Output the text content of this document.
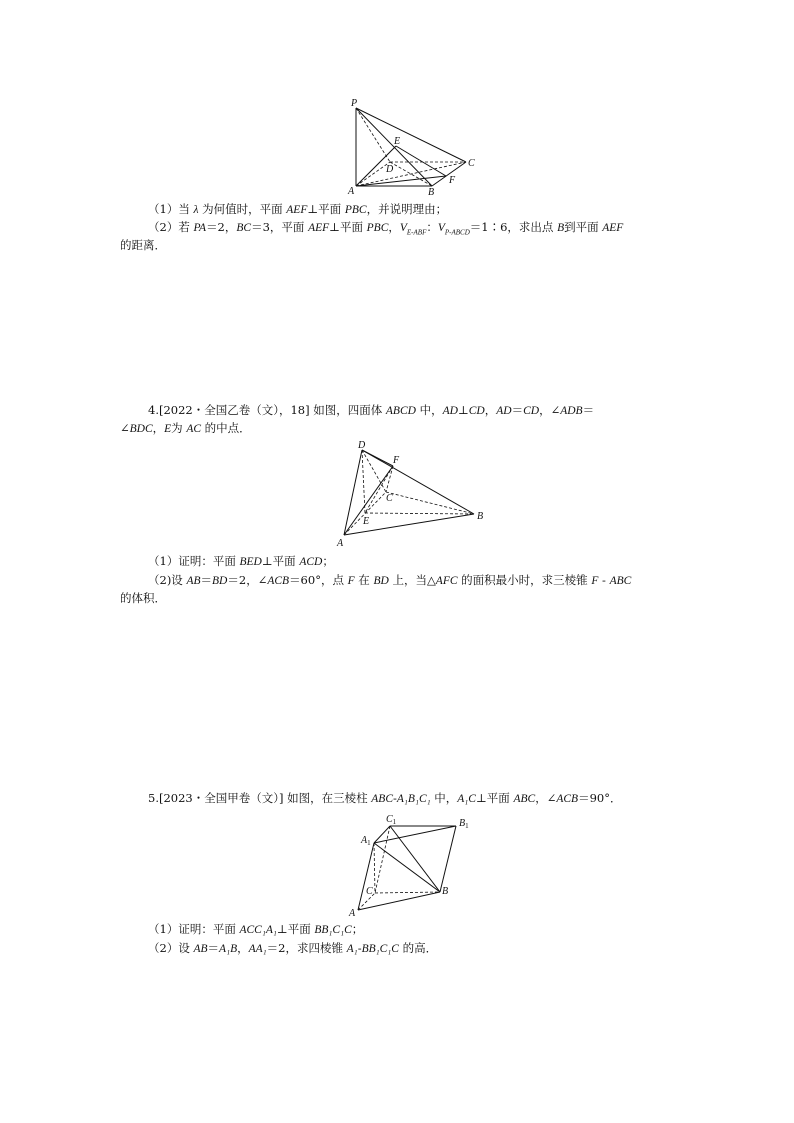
P
E
D
C
A	B
F
（1）当 λ 为何值时，平面 AEF⊥平面 PBC，并说明理由；
（2）若 PA＝2，BC＝3，平面 AEF⊥平面 PBC，$V_{E-ABF}$：$V_{P-ABCD}=1∶6$，求出点 B到平面 AEF
的距离．
4.[2022・全国乙卷（文），18] 如图，四面体 ABCD 中，AD⊥CD，AD＝CD，∠ADB＝
∠BDC，E为 AC 的中点．
D
F
C
E
A
B
（1）证明：平面 BED⊥平面 ACD；
（2)设 AB＝BD＝2，∠ACB＝60°，点 F 在 BD 上，当△AFC 的面积最小时，求三棱锥 F - ABC
的体积．
5.[2023・全国甲卷（文）] 如图，在三棱柱 ABC-A₁B₁C₁ 中，A₁C⊥平面 ABC，∠ACB＝90°．
$C_1$	$B_1$
$A_1$
C	B
A
（1）证明：平面 ACC₁A₁⊥平面 BB₁C₁C；
（2）设 AB＝A₁B，AA₁＝2，求四棱锥 A₁-BB₁C₁C 的高．
